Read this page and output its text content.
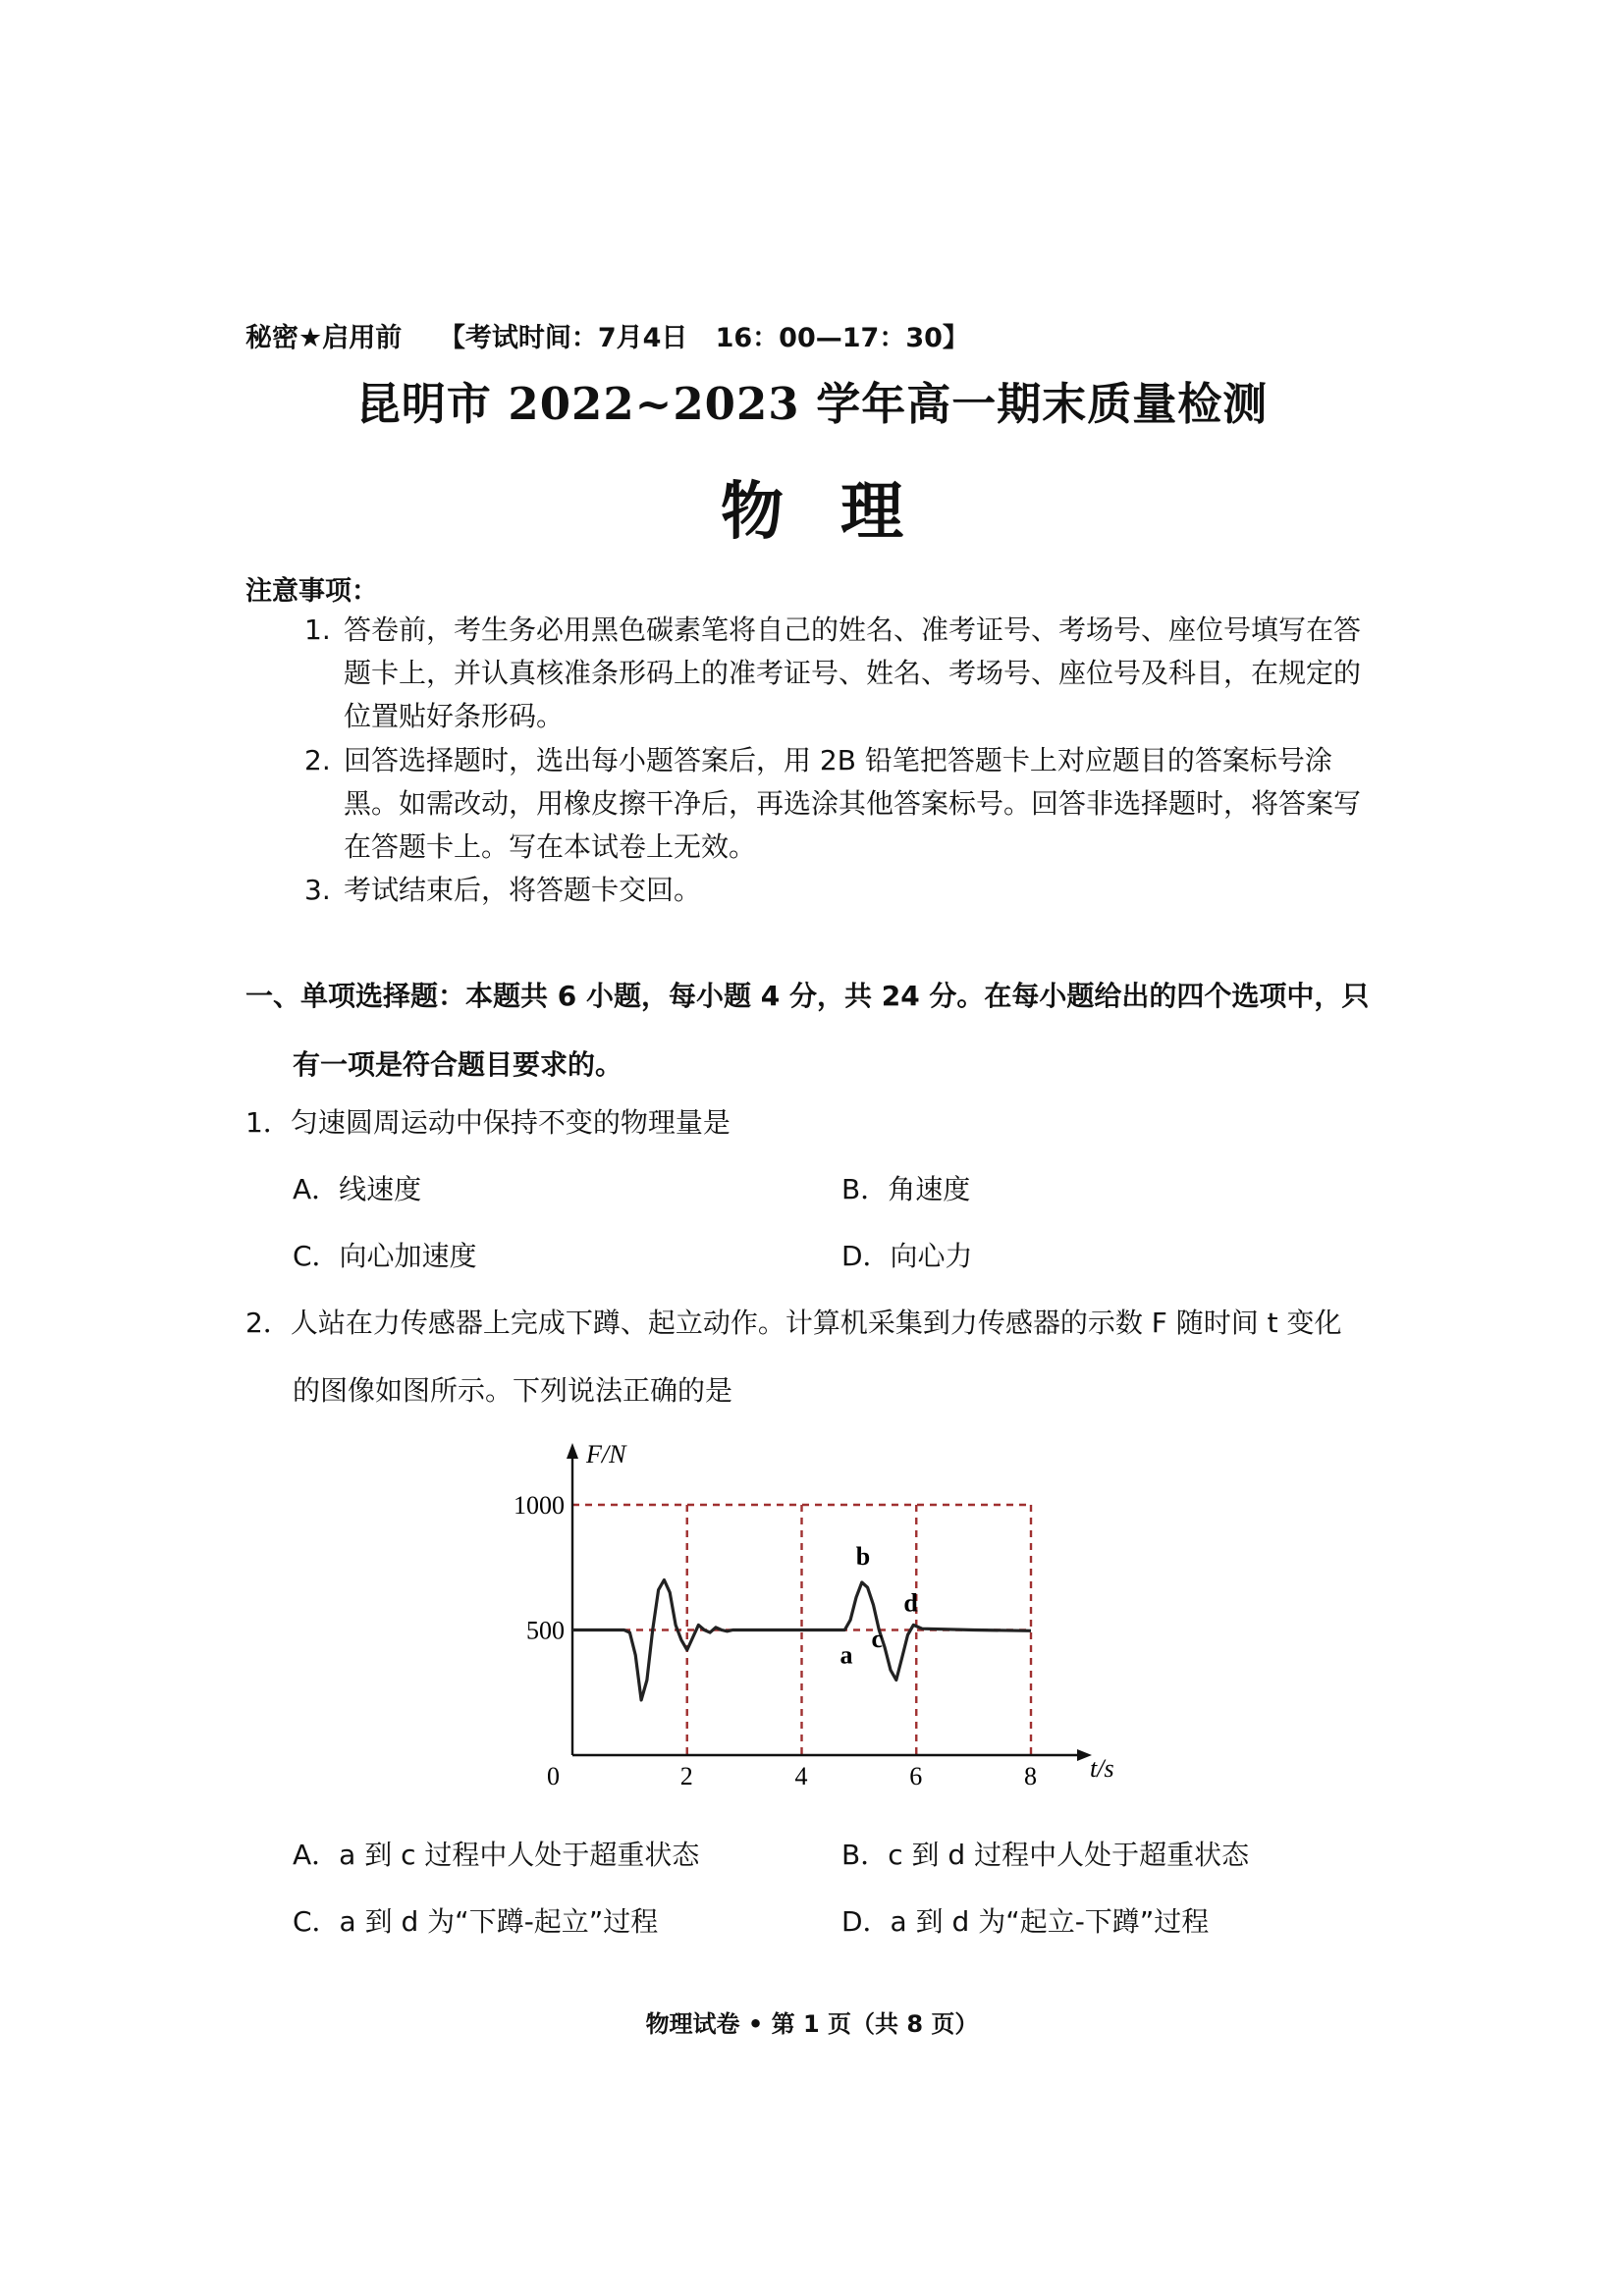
秘密★启用前 【考试时间：7月4日   16：00—17：30】
昆明市 2022~2023 学年高一期末质量检测
物理
注意事项：
1. 答卷前，考生务必用黑色碳素笔将自己的姓名、准考证号、考场号、座位号填写在答题卡上，并认真核准条形码上的准考证号、姓名、考场号、座位号及科目，在规定的位置贴好条形码。
2. 回答选择题时，选出每小题答案后，用 2B 铅笔把答题卡上对应题目的答案标号涂黑。如需改动，用橡皮擦干净后，再选涂其他答案标号。回答非选择题时，将答案写在答题卡上。写在本试卷上无效。
3. 考试结束后，将答题卡交回。
一、单项选择题：本题共 6 小题，每小题 4 分，共 24 分。在每小题给出的四个选项中，只
有一项是符合题目要求的。
1．匀速圆周运动中保持不变的物理量是
A．线速度	B．角速度
C．向心加速度	D．向心力
2．人站在力传感器上完成下蹲、起立动作。计算机采集到力传感器的示数 F 随时间 t 变化
的图像如图所示。下列说法正确的是
F/N
t/s
0	2	4	6	8
500
1000
a
b
c
d
A．a 到 c 过程中人处于超重状态	B．c 到 d 过程中人处于超重状态
C．a 到 d 为“下蹲-起立”过程	D．a 到 d 为“起立-下蹲”过程
物理试卷 • 第 1 页（共 8 页）
